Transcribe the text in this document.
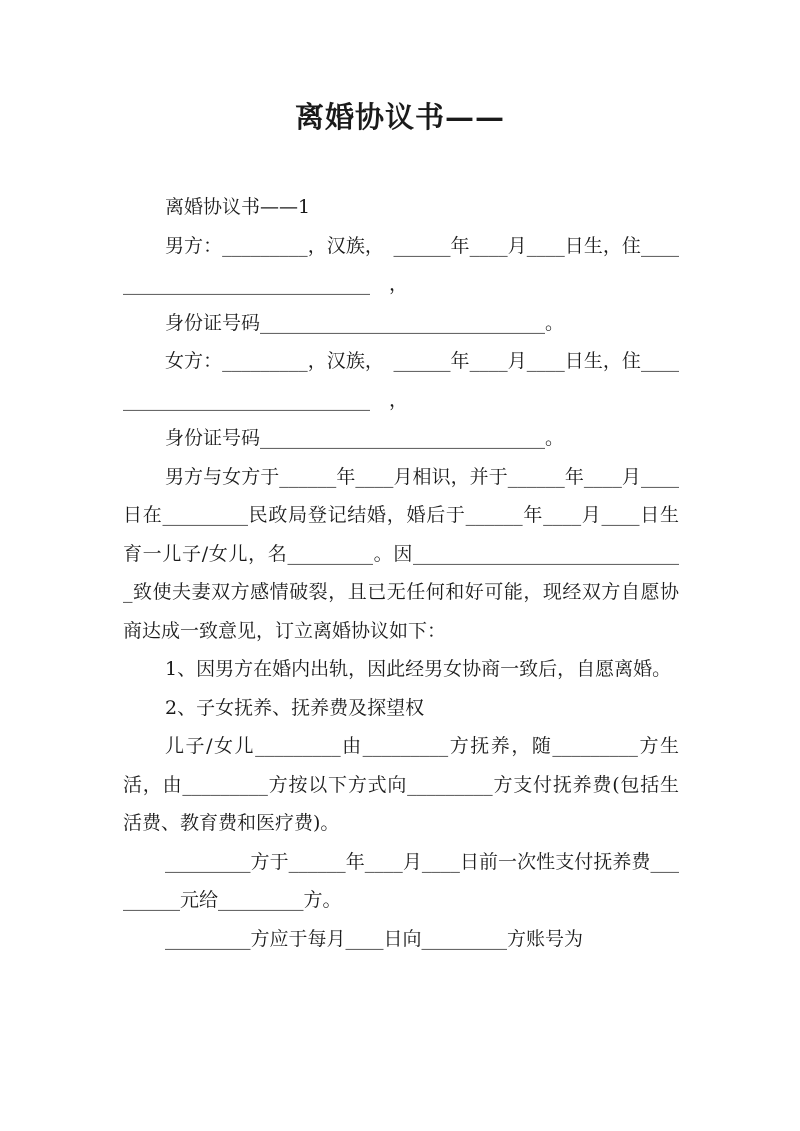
离婚协议书——

离婚协议书——1

男方：_________，汉族，　______年____月____日生，住______________________________　，

身份证号码______________________________。

女方：_________，汉族，　______年____月____日生，住______________________________　，

身份证号码______________________________。

男方与女方于______年____月相识，并于______年____月____日在_________民政局登记结婚，婚后于______年____月____日生育一儿子/女儿，名_________。因_____________________________致使夫妻双方感情破裂，且已无任何和好可能，现经双方自愿协商达成一致意见，订立离婚协议如下：

1、因男方在婚内出轨，因此经男女协商一致后，自愿离婚。

2、子女抚养、抚养费及探望权

儿子/女儿_________由_________方抚养，随_________方生活，由_________方按以下方式向_________方支付抚养费(包括生活费、教育费和医疗费)。

_________方于______年____月____日前一次性支付抚养费_________元给_________方。

_________方应于每月____日向_________方账号为
